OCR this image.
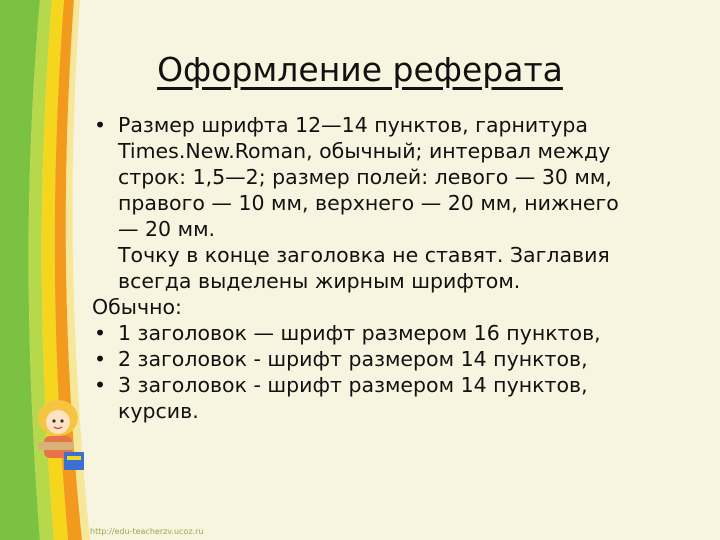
Оформление реферата
• Размер шрифта 12—14 пунктов, гарнитура
Times.New.Roman, обычный; интервал между
строк: 1,5—2; размер полей: левого — 30 мм,
правого — 10 мм, верхнего — 20 мм, нижнего
— 20 мм.
Точку в конце заголовка не ставят. Заглавия
всегда выделены жирным шрифтом.
Обычно:
• 1 заголовок — шрифт размером 16 пунктов,
• 2 заголовок - шрифт размером 14 пунктов,
• 3 заголовок - шрифт размером 14 пунктов,
курсив.
http://edu-teacherzv.ucoz.ru
